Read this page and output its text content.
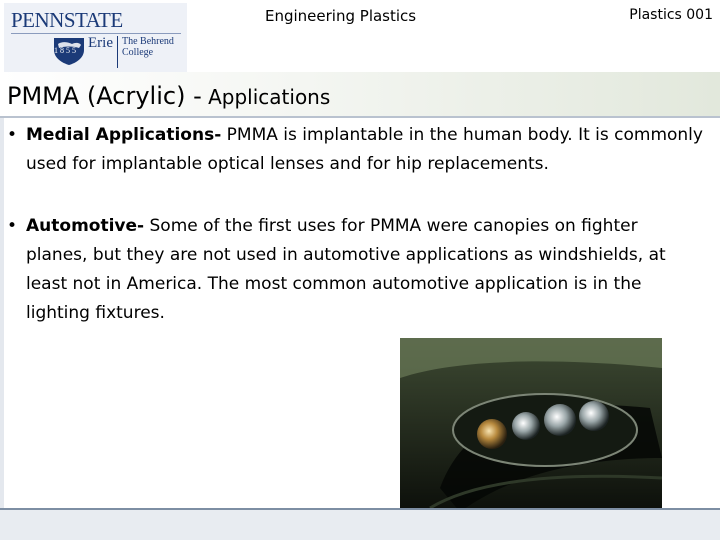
PENNSTATE
1855 Erie The Behrend College
Engineering Plastics	Plastics 001
PMMA (Acrylic) - Applications

• Medial Applications- PMMA is implantable in the human body. It is commonly used for implantable optical lenses and for hip replacements.

• Automotive- Some of the first uses for PMMA were canopies on fighter planes, but they are not used in automotive applications as windshields, at least not in America. The most common automotive application is in the lighting fixtures.
